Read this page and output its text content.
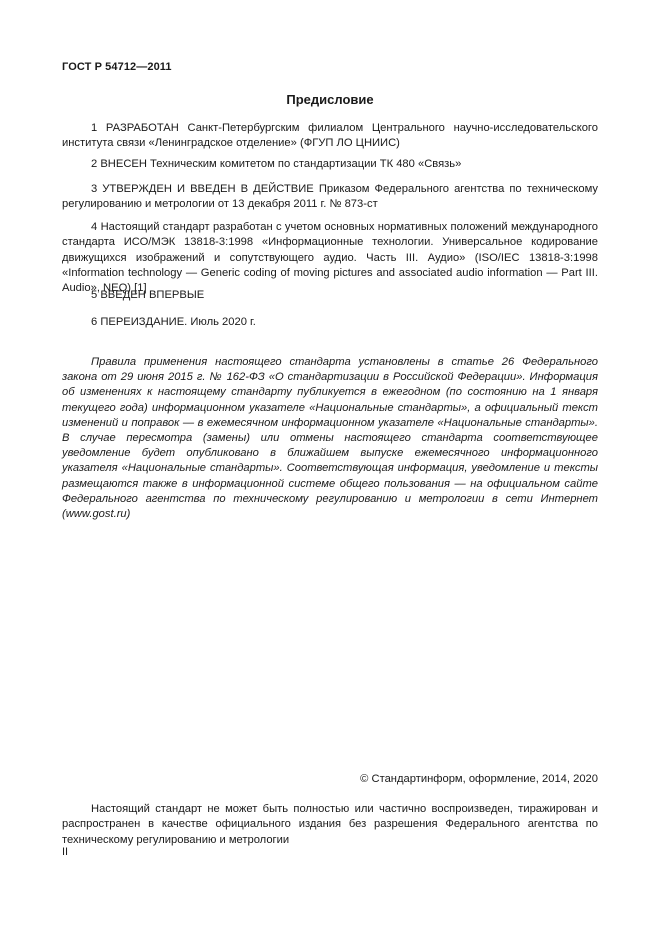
ГОСТ Р 54712—2011
Предисловие
1 РАЗРАБОТАН Санкт-Петербургским филиалом Центрального научно-исследовательского института связи «Ленинградское отделение» (ФГУП ЛО ЦНИИС)
2 ВНЕСЕН Техническим комитетом по стандартизации ТК 480 «Связь»
3 УТВЕРЖДЕН И ВВЕДЕН В ДЕЙСТВИЕ Приказом Федерального агентства по техническому регулированию и метрологии от 13 декабря 2011 г. № 873-ст
4 Настоящий стандарт разработан с учетом основных нормативных положений международного стандарта ИСО/МЭК 13818-3:1998 «Информационные технологии. Универсальное кодирование движущихся изображений и сопутствующего аудио. Часть III. Аудио» (ISO/IEC 13818-3:1998 «Information technology — Generic coding of moving pictures and associated audio information — Part III. Audio», NEQ) [1]
5 ВВЕДЕН ВПЕРВЫЕ
6 ПЕРЕИЗДАНИЕ. Июль 2020 г.
Правила применения настоящего стандарта установлены в статье 26 Федерального закона от 29 июня 2015 г. № 162-ФЗ «О стандартизации в Российской Федерации». Информация об изменениях к настоящему стандарту публикуется в ежегодном (по состоянию на 1 января текущего года) информационном указателе «Национальные стандарты», а официальный текст изменений и поправок — в ежемесячном информационном указателе «Национальные стандарты». В случае пересмотра (замены) или отмены настоящего стандарта соответствующее уведомление будет опубликовано в ближайшем выпуске ежемесячного информационного указателя «Национальные стандарты». Соответствующая информация, уведомление и тексты размещаются также в информационной системе общего пользования — на официальном сайте Федерального агентства по техническому регулированию и метрологии в сети Интернет (www.gost.ru)
© Стандартинформ, оформление, 2014, 2020
Настоящий стандарт не может быть полностью или частично воспроизведен, тиражирован и распространен в качестве официального издания без разрешения Федерального агентства по техническому регулированию и метрологии
II
